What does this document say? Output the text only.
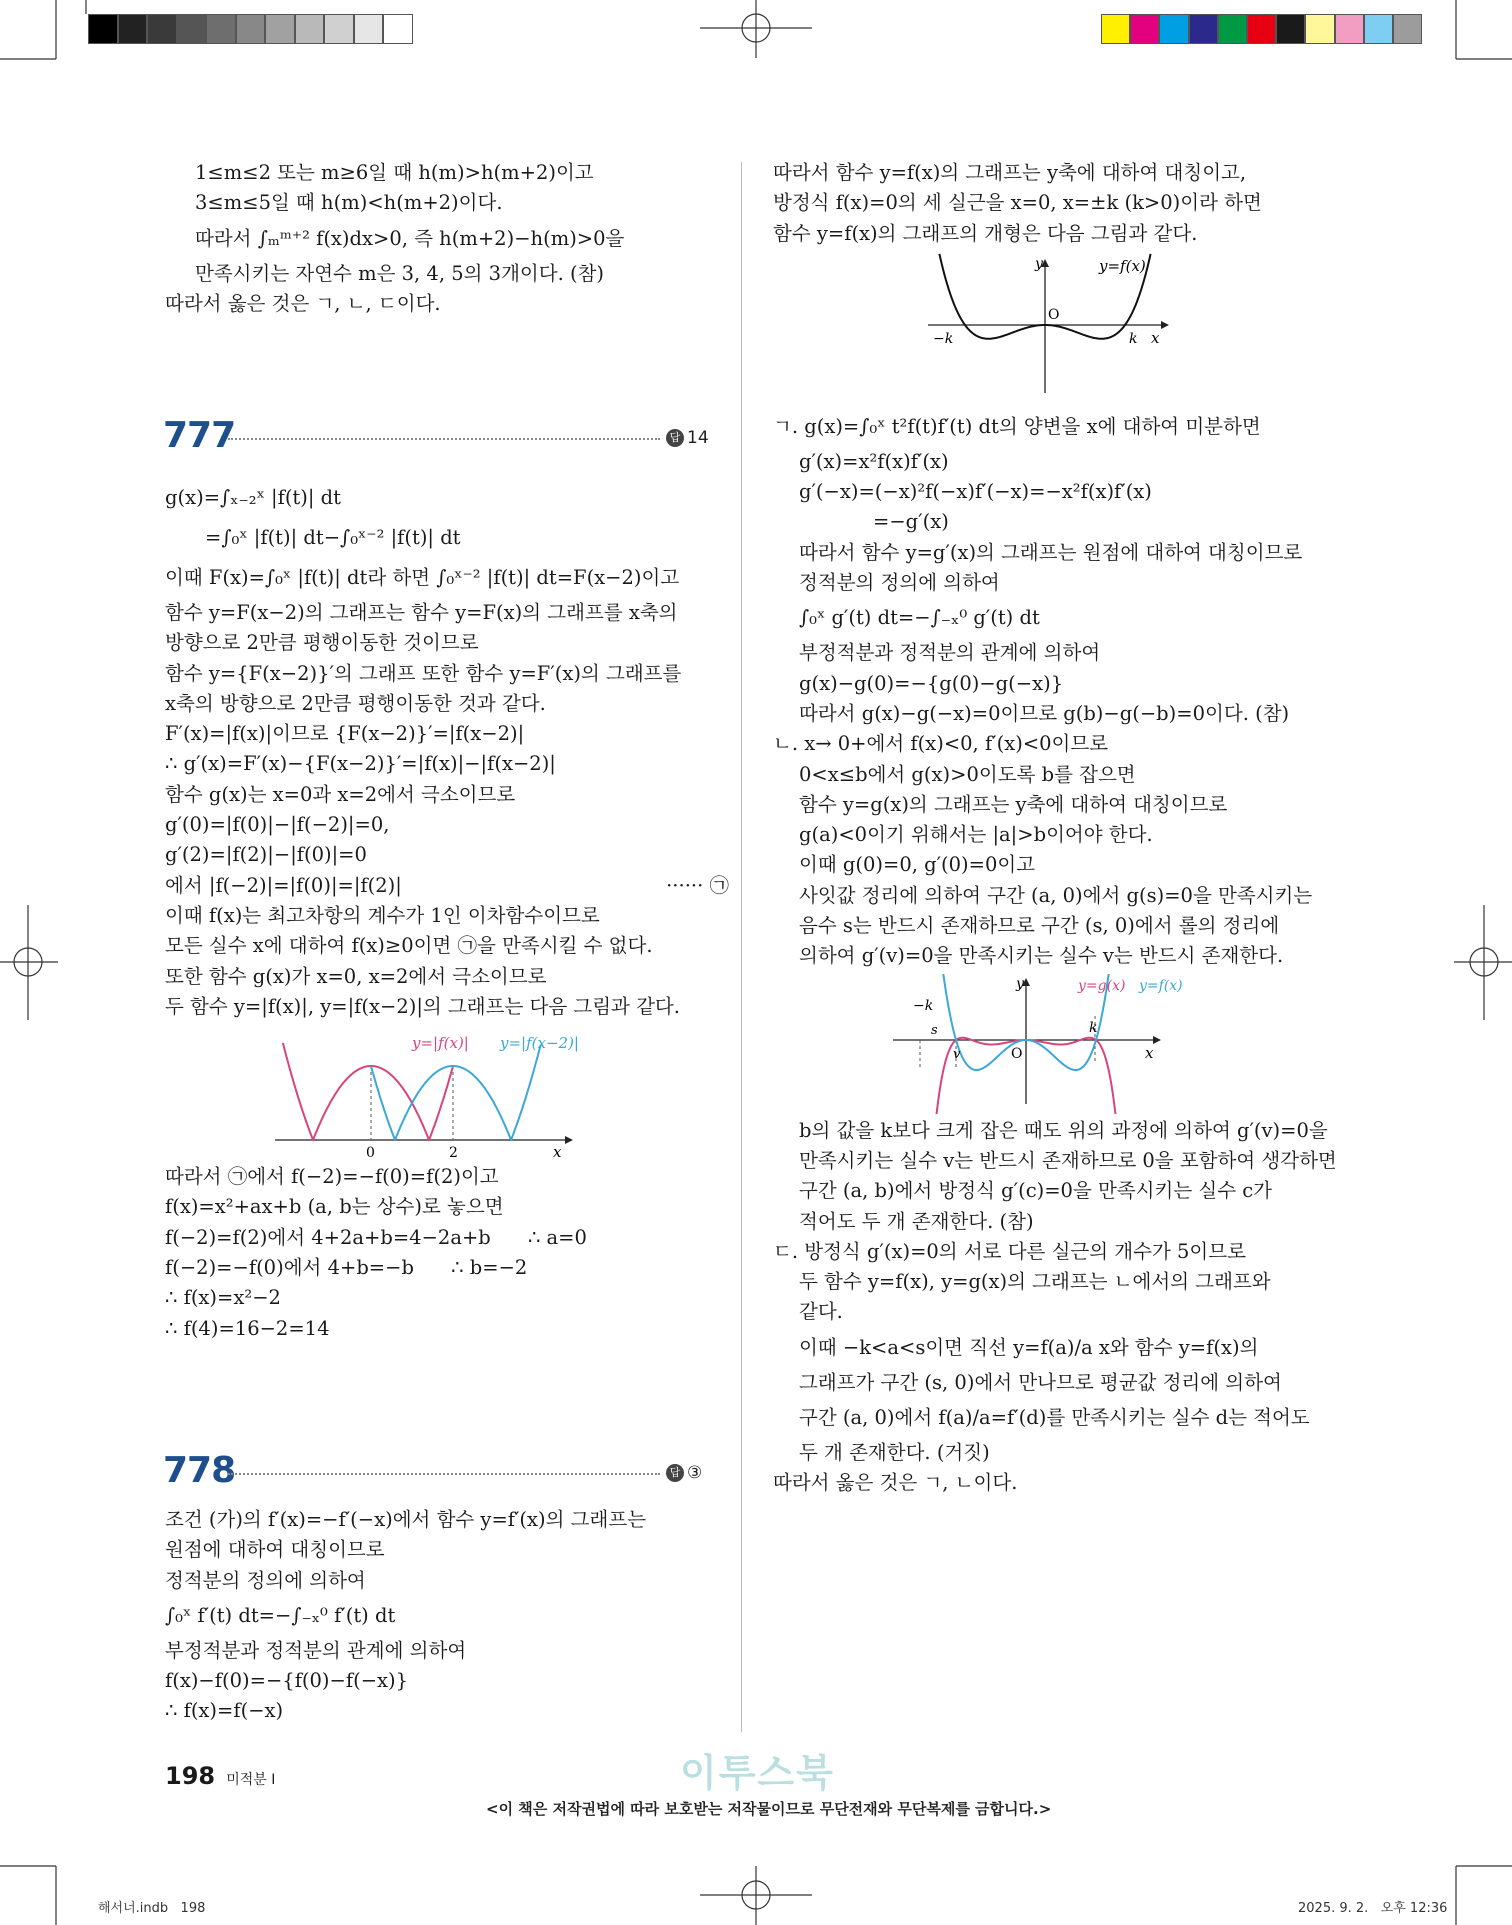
1≤m≤2 또는 m≥6일 때 h(m)>h(m+2)이고
3≤m≤5일 때 h(m)<h(m+2)이다.
따라서 ∫ₘᵐ⁺² f(x)dx>0, 즉 h(m+2)−h(m)>0을
만족시키는 자연수 m은 3, 4, 5의 3개이다. (참)
따라서 옳은 것은 ㄱ, ㄴ, ㄷ이다.
777	답 14
g(x)=∫ₓ₋₂ˣ |f(t)| dt
=∫₀ˣ |f(t)| dt−∫₀ˣ⁻² |f(t)| dt
이때 F(x)=∫₀ˣ |f(t)| dt라 하면 ∫₀ˣ⁻² |f(t)| dt=F(x−2)이고
함수 y=F(x−2)의 그래프는 함수 y=F(x)의 그래프를 x축의
방향으로 2만큼 평행이동한 것이므로
함수 y={F(x−2)}′의 그래프 또한 함수 y=F′(x)의 그래프를
x축의 방향으로 2만큼 평행이동한 것과 같다.
F′(x)=|f(x)|이므로 {F(x−2)}′=|f(x−2)|
∴ g′(x)=F′(x)−{F(x−2)}′=|f(x)|−|f(x−2)|
함수 g(x)는 x=0과 x=2에서 극소이므로
g′(0)=|f(0)|−|f(−2)|=0,
g′(2)=|f(2)|−|f(0)|=0
에서 |f(−2)|=|f(0)|=|f(2)|	······ ㉠
이때 f(x)는 최고차항의 계수가 1인 이차함수이므로
모든 실수 x에 대하여 f(x)≥0이면 ㉠을 만족시킬 수 없다.
또한 함수 g(x)가 x=0, x=2에서 극소이므로
두 함수 y=|f(x)|, y=|f(x−2)|의 그래프는 다음 그림과 같다.
y=|f(x)| y=|f(x−2)|
0	2	x
따라서 ㉠에서 f(−2)=−f(0)=f(2)이고
f(x)=x²+ax+b (a, b는 상수)로 놓으면
f(−2)=f(2)에서 4+2a+b=4−2a+b      ∴ a=0
f(−2)=−f(0)에서 4+b=−b      ∴ b=−2
∴ f(x)=x²−2
∴ f(4)=16−2=14
778	답 ③
조건 (가)의 f′(x)=−f′(−x)에서 함수 y=f′(x)의 그래프는
원점에 대하여 대칭이므로
정적분의 정의에 의하여
∫₀ˣ f′(t) dt=−∫₋ₓ⁰ f′(t) dt
부정적분과 정적분의 관계에 의하여
f(x)−f(0)=−{f(0)−f(−x)}
∴ f(x)=f(−x)
따라서 함수 y=f(x)의 그래프는 y축에 대하여 대칭이고,
방정식 f(x)=0의 세 실근을 x=0, x=±k (k>0)이라 하면
함수 y=f(x)의 그래프의 개형은 다음 그림과 같다.
y	y=f(x)
O
−k	k x
ㄱ. g(x)=∫₀ˣ t²f(t)f′(t) dt의 양변을 x에 대하여 미분하면
g′(x)=x²f(x)f′(x)
g′(−x)=(−x)²f(−x)f′(−x)=−x²f(x)f′(x)
=−g′(x)
따라서 함수 y=g′(x)의 그래프는 원점에 대하여 대칭이므로
정적분의 정의에 의하여
∫₀ˣ g′(t) dt=−∫₋ₓ⁰ g′(t) dt
부정적분과 정적분의 관계에 의하여
g(x)−g(0)=−{g(0)−g(−x)}
따라서 g(x)−g(−x)=0이므로 g(b)−g(−b)=0이다. (참)
ㄴ. x→ 0+에서 f(x)<0, f′(x)<0이므로
0<x≤b에서 g(x)>0이도록 b를 잡으면
함수 y=g(x)의 그래프는 y축에 대하여 대칭이므로
g(a)<0이기 위해서는 |a|>b이어야 한다.
이때 g(0)=0, g′(0)=0이고
사잇값 정리에 의하여 구간 (a, 0)에서 g(s)=0을 만족시키는
음수 s는 반드시 존재하므로 구간 (s, 0)에서 롤의 정리에
의하여 g′(v)=0을 만족시키는 실수 v는 반드시 존재한다.
y	y=g(x) y=f(x)
−k
s
v	O
k
x
b의 값을 k보다 크게 잡은 때도 위의 과정에 의하여 g′(v)=0을
만족시키는 실수 v는 반드시 존재하므로 0을 포함하여 생각하면
구간 (a, b)에서 방정식 g′(c)=0을 만족시키는 실수 c가
적어도 두 개 존재한다. (참)
ㄷ. 방정식 g′(x)=0의 서로 다른 실근의 개수가 5이므로
두 함수 y=f(x), y=g(x)의 그래프는 ㄴ에서의 그래프와
같다.
이때 −k<a<s이면 직선 y=f(a)/a x와 함수 y=f(x)의
그래프가 구간 (s, 0)에서 만나므로 평균값 정리에 의하여
구간 (a, 0)에서 f(a)/a=f′(d)를 만족시키는 실수 d는 적어도
두 개 존재한다. (거짓)
따라서 옳은 것은 ㄱ, ㄴ이다.
198 미적분 I	이투스북
<이 책은 저작권법에 따라 보호받는 저작물이므로 무단전재와 무단복제를 금합니다.>
해서너.indb   198	2025. 9. 2.   오후 12:36
